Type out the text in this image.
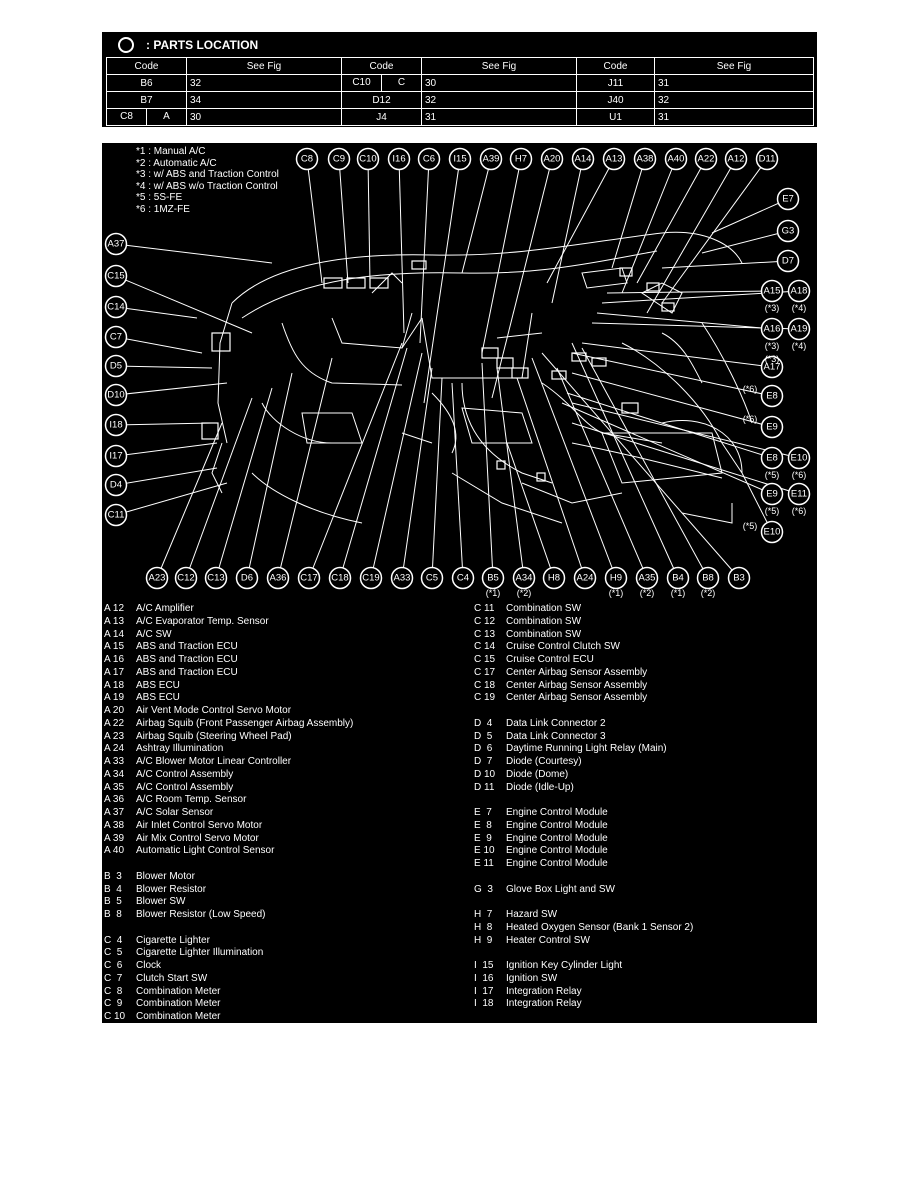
: PARTS LOCATION
Code	See Fig	Code	See Fig	Code	See Fig
B6	32	C10 C	30	J11	31
B7	34	D12	32	J40	32

C8 A	30	J4	31	U1	31
C8 C9 C10 I16 C6 I15 A39 H7 A20 A14 A13 A38 A40 A22 A12 D11
A37
C15
C14
C7
D5
D10
I18
I17
D4
C11
E7
G3
D7
A15 A18
A16 A19
A17
E8
E9
E8 E10
E9 E11
E10
A23 C12 C13 D6 A36 C17 C18 C19 A33 C5 C4 B5 A34 H8 A24 H9 A35 B4 B8 B3
(*3) (*4)
(*3) (*4)
(*3)
(*6)
(*6)
(*5) (*6)
(*5) (*6)
(*5)
(*1) (*2)	(*1) (*2) (*1) (*2)
*1 : Manual A/C
*2 : Automatic A/C
*3 : w/ ABS and Traction Control
*4 : w/ ABS w/o Traction Control
*5 : 5S-FE
*6 : 1MZ-FE
A 12	A/C Amplifier
A 13	A/C Evaporator Temp. Sensor
A 14	A/C SW
A 15	ABS and Traction ECU
A 16	ABS and Traction ECU
A 17	ABS and Traction ECU
A 18	ABS ECU
A 19	ABS ECU
A 20	Air Vent Mode Control Servo Motor
A 22	Airbag Squib (Front Passenger Airbag Assembly)
A 23	Airbag Squib (Steering Wheel Pad)
A 24	Ashtray Illumination
A 33	A/C Blower Motor Linear Controller
A 34	A/C Control Assembly
A 35	A/C Control Assembly
A 36	A/C Room Temp. Sensor
A 37	A/C Solar Sensor
A 38	Air Inlet Control Servo Motor
A 39	Air Mix Control Servo Motor
A 40	Automatic Light Control Sensor
B  3	Blower Motor
B  4	Blower Resistor
B  5	Blower SW
B  8	Blower Resistor (Low Speed)
C  4	Cigarette Lighter
C  5	Cigarette Lighter Illumination
C  6	Clock
C  7	Clutch Start SW
C  8	Combination Meter
C  9	Combination Meter
C 10	Combination Meter
C 11	Combination SW
C 12	Combination SW
C 13	Combination SW
C 14	Cruise Control Clutch SW
C 15	Cruise Control ECU
C 17	Center Airbag Sensor Assembly
C 18	Center Airbag Sensor Assembly
C 19	Center Airbag Sensor Assembly
D  4	Data Link Connector 2
D  5	Data Link Connector 3
D  6	Daytime Running Light Relay (Main)
D  7	Diode (Courtesy)
D 10	Diode (Dome)
D 11	Diode (Idle-Up)
E  7	Engine Control Module
E  8	Engine Control Module
E  9	Engine Control Module
E 10	Engine Control Module
E 11	Engine Control Module
G  3	Glove Box Light and SW
H  7	Hazard SW
H  8	Heated Oxygen Sensor (Bank 1 Sensor 2)
H  9	Heater Control SW
I  15	Ignition Key Cylinder Light
I  16	Ignition SW
I  17	Integration Relay
I  18	Integration Relay
